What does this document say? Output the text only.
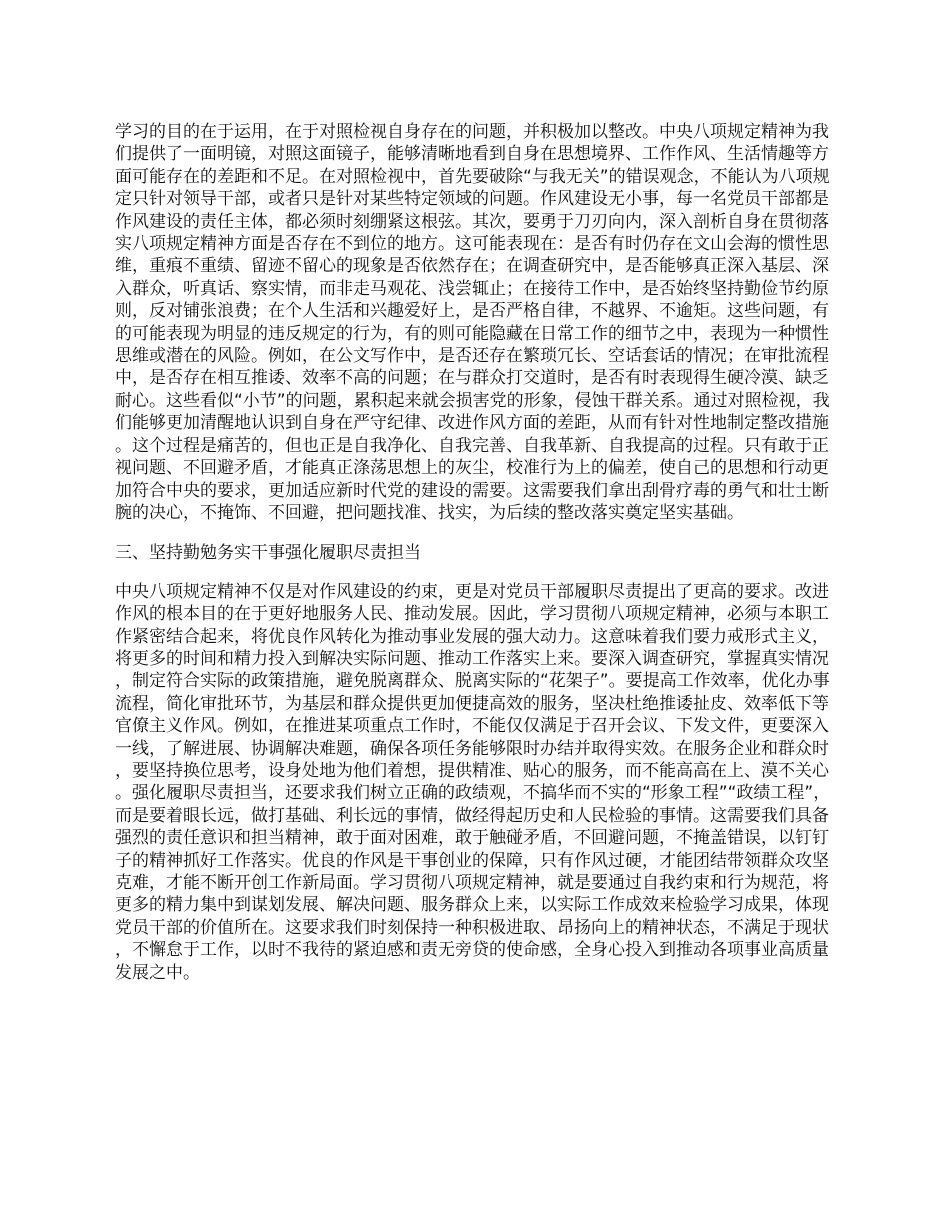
学习的目的在于运用，在于对照检视自身存在的问题，并积极加以整改。中央八项规定精神为我们提供了一面明镜，对照这面镜子，能够清晰地看到自身在思想境界、工作作风、生活情趣等方面可能存在的差距和不足。在对照检视中，首先要破除“与我无关”的错误观念，不能认为八项规定只针对领导干部，或者只是针对某些特定领域的问题。作风建设无小事，每一名党员干部都是作风建设的责任主体，都必须时刻绷紧这根弦。其次，要勇于刀刃向内，深入剖析自身在贯彻落实八项规定精神方面是否存在不到位的地方。这可能表现在：是否有时仍存在文山会海的惯性思维，重痕不重绩、留迹不留心的现象是否依然存在；在调查研究中，是否能够真正深入基层、深入群众，听真话、察实情，而非走马观花、浅尝辄止；在接待工作中，是否始终坚持勤俭节约原则，反对铺张浪费；在个人生活和兴趣爱好上，是否严格自律，不越界、不逾矩。这些问题，有的可能表现为明显的违反规定的行为，有的则可能隐藏在日常工作的细节之中，表现为一种惯性思维或潜在的风险。例如，在公文写作中，是否还存在繁琐冗长、空话套话的情况；在审批流程中，是否存在相互推诿、效率不高的问题；在与群众打交道时，是否有时表现得生硬冷漠、缺乏耐心。这些看似“小节”的问题，累积起来就会损害党的形象，侵蚀干群关系。通过对照检视，我们能够更加清醒地认识到自身在严守纪律、改进作风方面的差距，从而有针对性地制定整改措施。这个过程是痛苦的，但也正是自我净化、自我完善、自我革新、自我提高的过程。只有敢于正视问题、不回避矛盾，才能真正涤荡思想上的灰尘，校准行为上的偏差，使自己的思想和行动更加符合中央的要求，更加适应新时代党的建设的需要。这需要我们拿出刮骨疗毒的勇气和壮士断腕的决心，不掩饰、不回避，把问题找准、找实，为后续的整改落实奠定坚实基础。

三、坚持勤勉务实干事强化履职尽责担当

中央八项规定精神不仅是对作风建设的约束，更是对党员干部履职尽责提出了更高的要求。改进作风的根本目的在于更好地服务人民、推动发展。因此，学习贯彻八项规定精神，必须与本职工作紧密结合起来，将优良作风转化为推动事业发展的强大动力。这意味着我们要力戒形式主义，将更多的时间和精力投入到解决实际问题、推动工作落实上来。要深入调查研究，掌握真实情况，制定符合实际的政策措施，避免脱离群众、脱离实际的“花架子”。要提高工作效率，优化办事流程，简化审批环节，为基层和群众提供更加便捷高效的服务，坚决杜绝推诿扯皮、效率低下等官僚主义作风。例如，在推进某项重点工作时，不能仅仅满足于召开会议、下发文件，更要深入一线，了解进展、协调解决难题，确保各项任务能够限时办结并取得实效。在服务企业和群众时，要坚持换位思考，设身处地为他们着想，提供精准、贴心的服务，而不能高高在上、漠不关心。强化履职尽责担当，还要求我们树立正确的政绩观，不搞华而不实的“形象工程”“政绩工程”，而是要着眼长远，做打基础、利长远的事情，做经得起历史和人民检验的事情。这需要我们具备强烈的责任意识和担当精神，敢于面对困难，敢于触碰矛盾，不回避问题，不掩盖错误，以钉钉子的精神抓好工作落实。优良的作风是干事创业的保障，只有作风过硬，才能团结带领群众攻坚克难，才能不断开创工作新局面。学习贯彻八项规定精神，就是要通过自我约束和行为规范，将更多的精力集中到谋划发展、解决问题、服务群众上来，以实际工作成效来检验学习成果，体现党员干部的价值所在。这要求我们时刻保持一种积极进取、昂扬向上的精神状态，不满足于现状，不懈怠于工作，以时不我待的紧迫感和责无旁贷的使命感，全身心投入到推动各项事业高质量发展之中。
